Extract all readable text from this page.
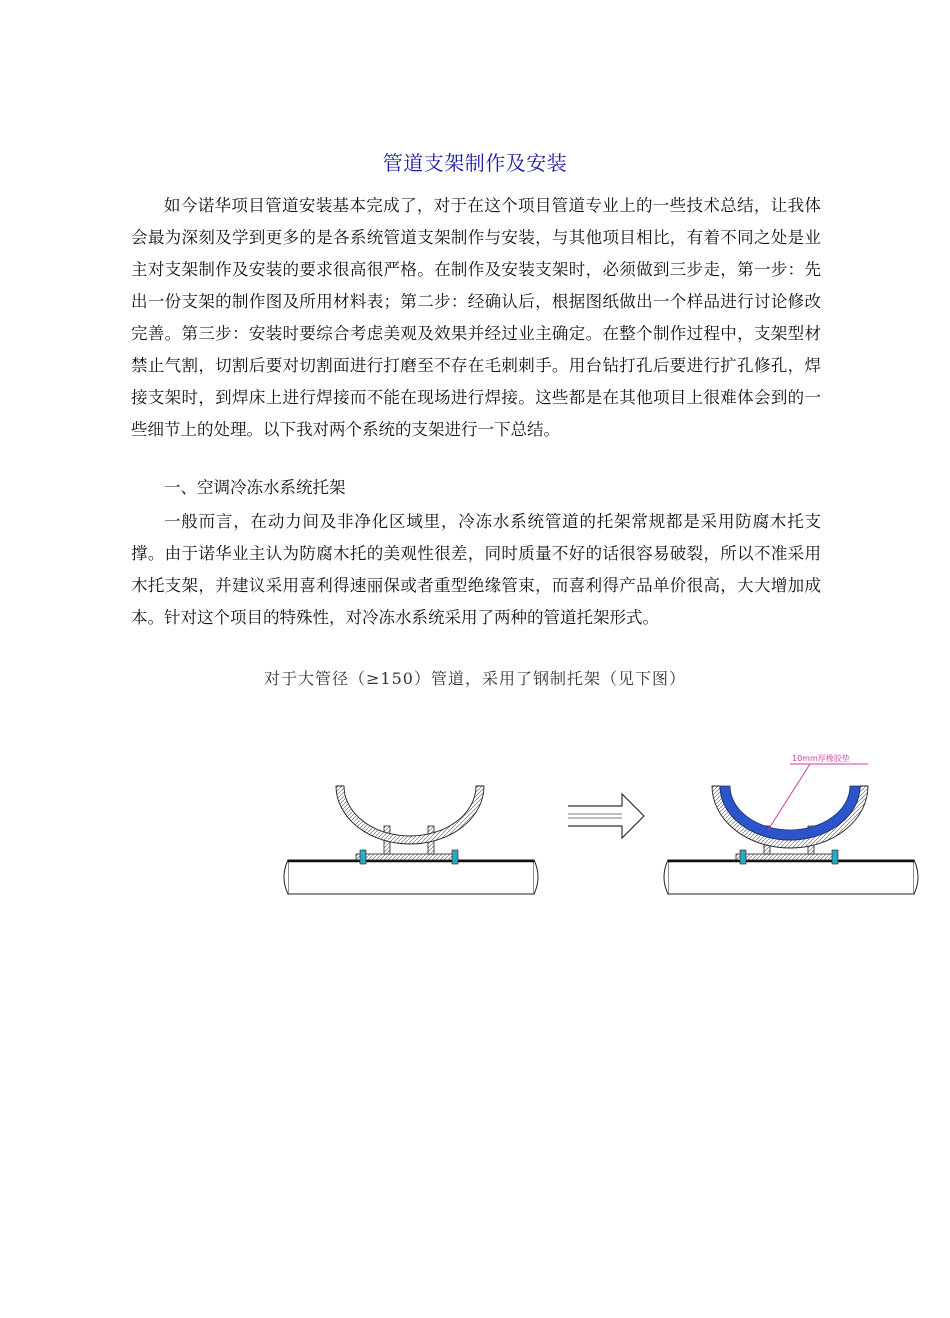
管道支架制作及安装

如今诺华项目管道安装基本完成了，对于在这个项目管道专业上的一些技术总结，让我体会最为深刻及学到更多的是各系统管道支架制作与安装，与其他项目相比，有着不同之处是业主对支架制作及安装的要求很高很严格。在制作及安装支架时，必须做到三步走，第一步：先出一份支架的制作图及所用材料表；第二步：经确认后，根据图纸做出一个样品进行讨论修改完善。第三步：安装时要综合考虑美观及效果并经过业主确定。在整个制作过程中，支架型材禁止气割，切割后要对切割面进行打磨至不存在毛刺刺手。用台钻打孔后要进行扩孔修孔，焊接支架时，到焊床上进行焊接而不能在现场进行焊接。这些都是在其他项目上很难体会到的一些细节上的处理。以下我对两个系统的支架进行一下总结。

一、空调冷冻水系统托架

一般而言，在动力间及非净化区域里，冷冻水系统管道的托架常规都是采用防腐木托支撑。由于诺华业主认为防腐木托的美观性很差，同时质量不好的话很容易破裂，所以不准采用木托支架，并建议采用喜利得速丽保或者重型绝缘管束，而喜利得产品单价很高，大大增加成本。针对这个项目的特殊性，对冷冻水系统采用了两种的管道托架形式。

对于大管径（≥150）管道，采用了钢制托架（见下图）
10mm厚橡胶垫
